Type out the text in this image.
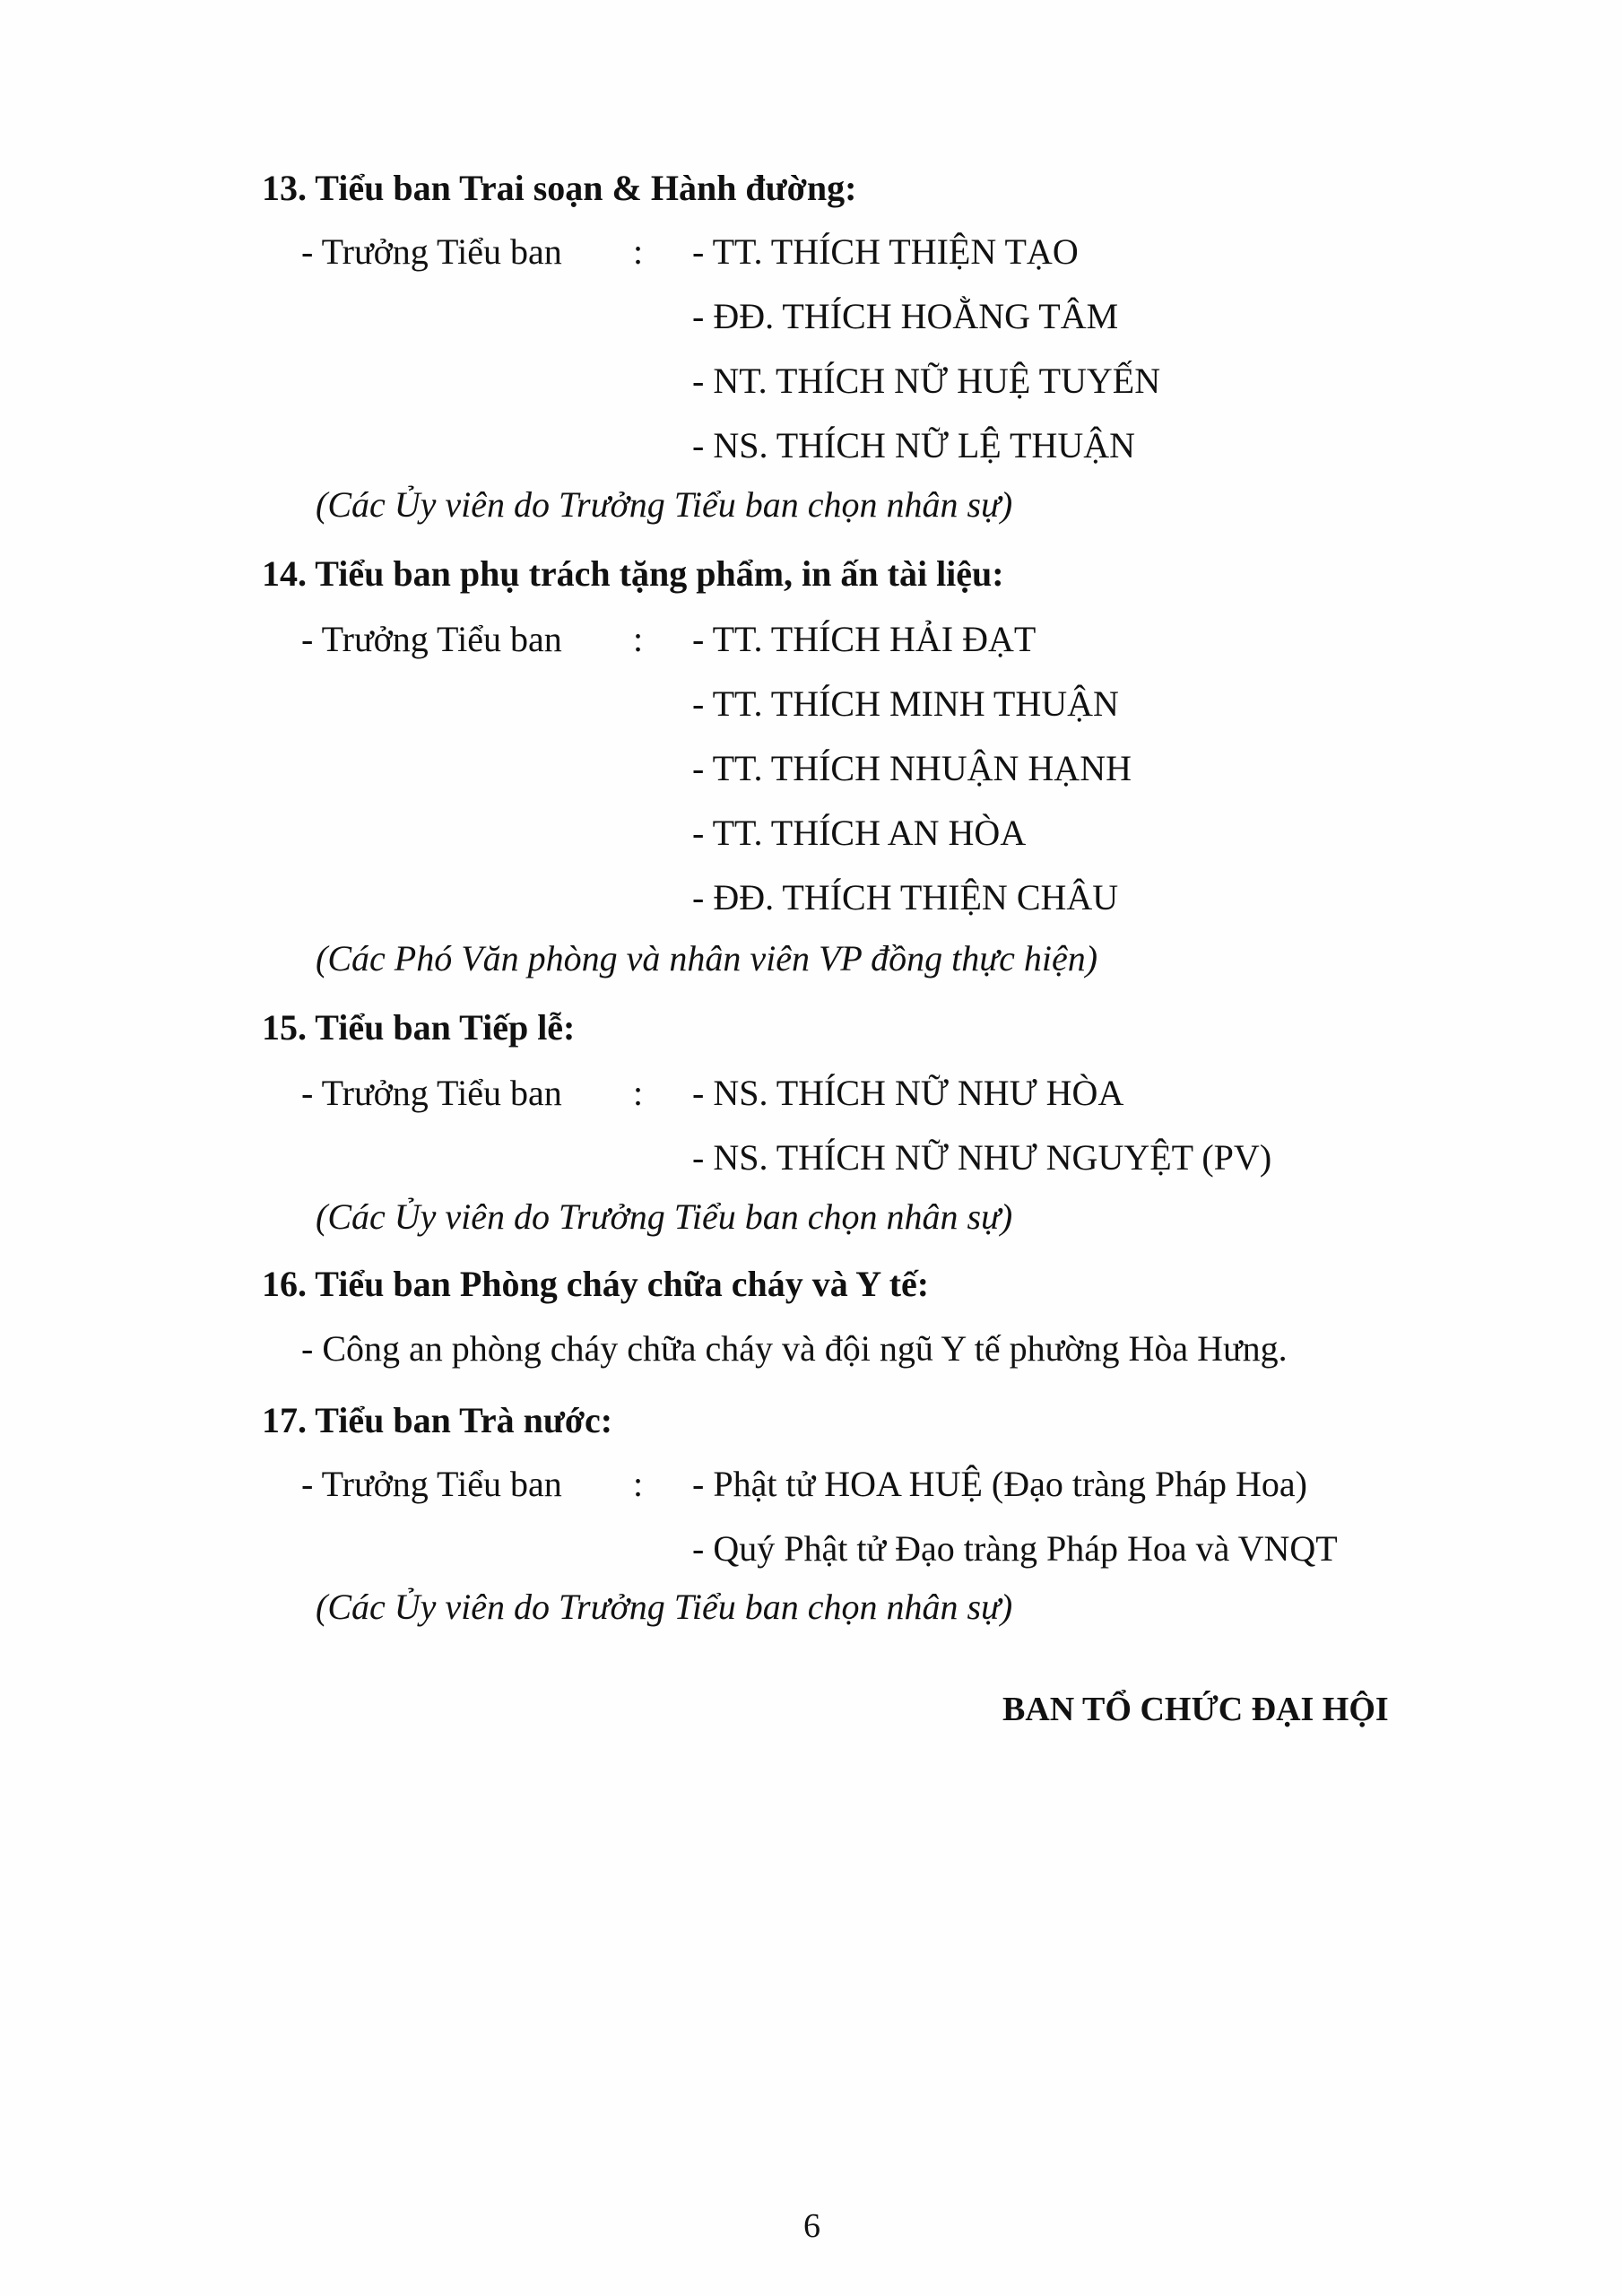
13. Tiểu ban Trai soạn & Hành đường:
- Trưởng Tiểu ban : - TT. THÍCH THIỆN TẠO
- ĐĐ. THÍCH HOẰNG TÂM
- NT. THÍCH NỮ HUỆ TUYẾN
- NS. THÍCH NỮ LỆ THUẬN
(Các Ủy viên do Trưởng Tiểu ban chọn nhân sự)
14. Tiểu ban phụ trách tặng phẩm, in ấn tài liệu:
- Trưởng Tiểu ban : - TT. THÍCH HẢI ĐẠT
- TT. THÍCH MINH THUẬN
- TT. THÍCH NHUẬN HẠNH
- TT. THÍCH AN HÒA
- ĐĐ. THÍCH THIỆN CHÂU
(Các Phó Văn phòng và nhân viên VP đồng thực hiện)
15. Tiểu ban Tiếp lễ:
- Trưởng Tiểu ban : - NS. THÍCH NỮ NHƯ HÒA
- NS. THÍCH NỮ NHƯ NGUYỆT (PV)
(Các Ủy viên do Trưởng Tiểu ban chọn nhân sự)
16. Tiểu ban Phòng cháy chữa cháy và Y tế:
- Công an phòng cháy chữa cháy và đội ngũ Y tế phường Hòa Hưng.
17. Tiểu ban Trà nước:
- Trưởng Tiểu ban : - Phật tử HOA HUỆ (Đạo tràng Pháp Hoa)
- Quý Phật tử Đạo tràng Pháp Hoa và VNQT
(Các Ủy viên do Trưởng Tiểu ban chọn nhân sự)
BAN TỔ CHỨC ĐẠI HỘI
6
